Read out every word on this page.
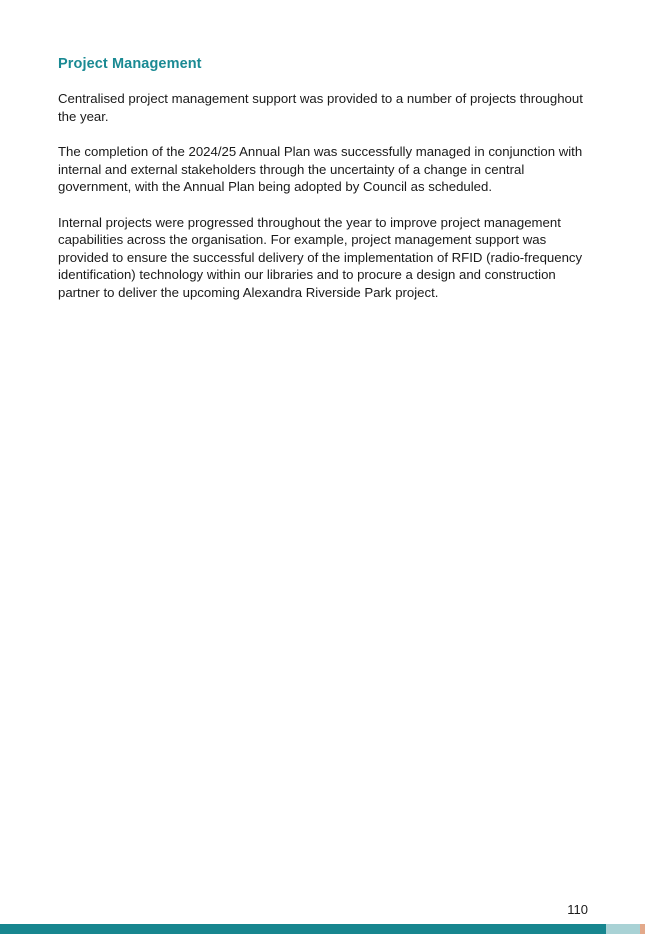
Project Management

Centralised project management support was provided to a number of projects throughout the year.

The completion of the 2024/25 Annual Plan was successfully managed in conjunction with internal and external stakeholders through the uncertainty of a change in central government, with the Annual Plan being adopted by Council as scheduled.

Internal projects were progressed throughout the year to improve project management capabilities across the organisation. For example, project management support was provided to ensure the successful delivery of the implementation of RFID (radio-frequency identification) technology within our libraries and to procure a design and construction partner to deliver the upcoming Alexandra Riverside Park project.

110
